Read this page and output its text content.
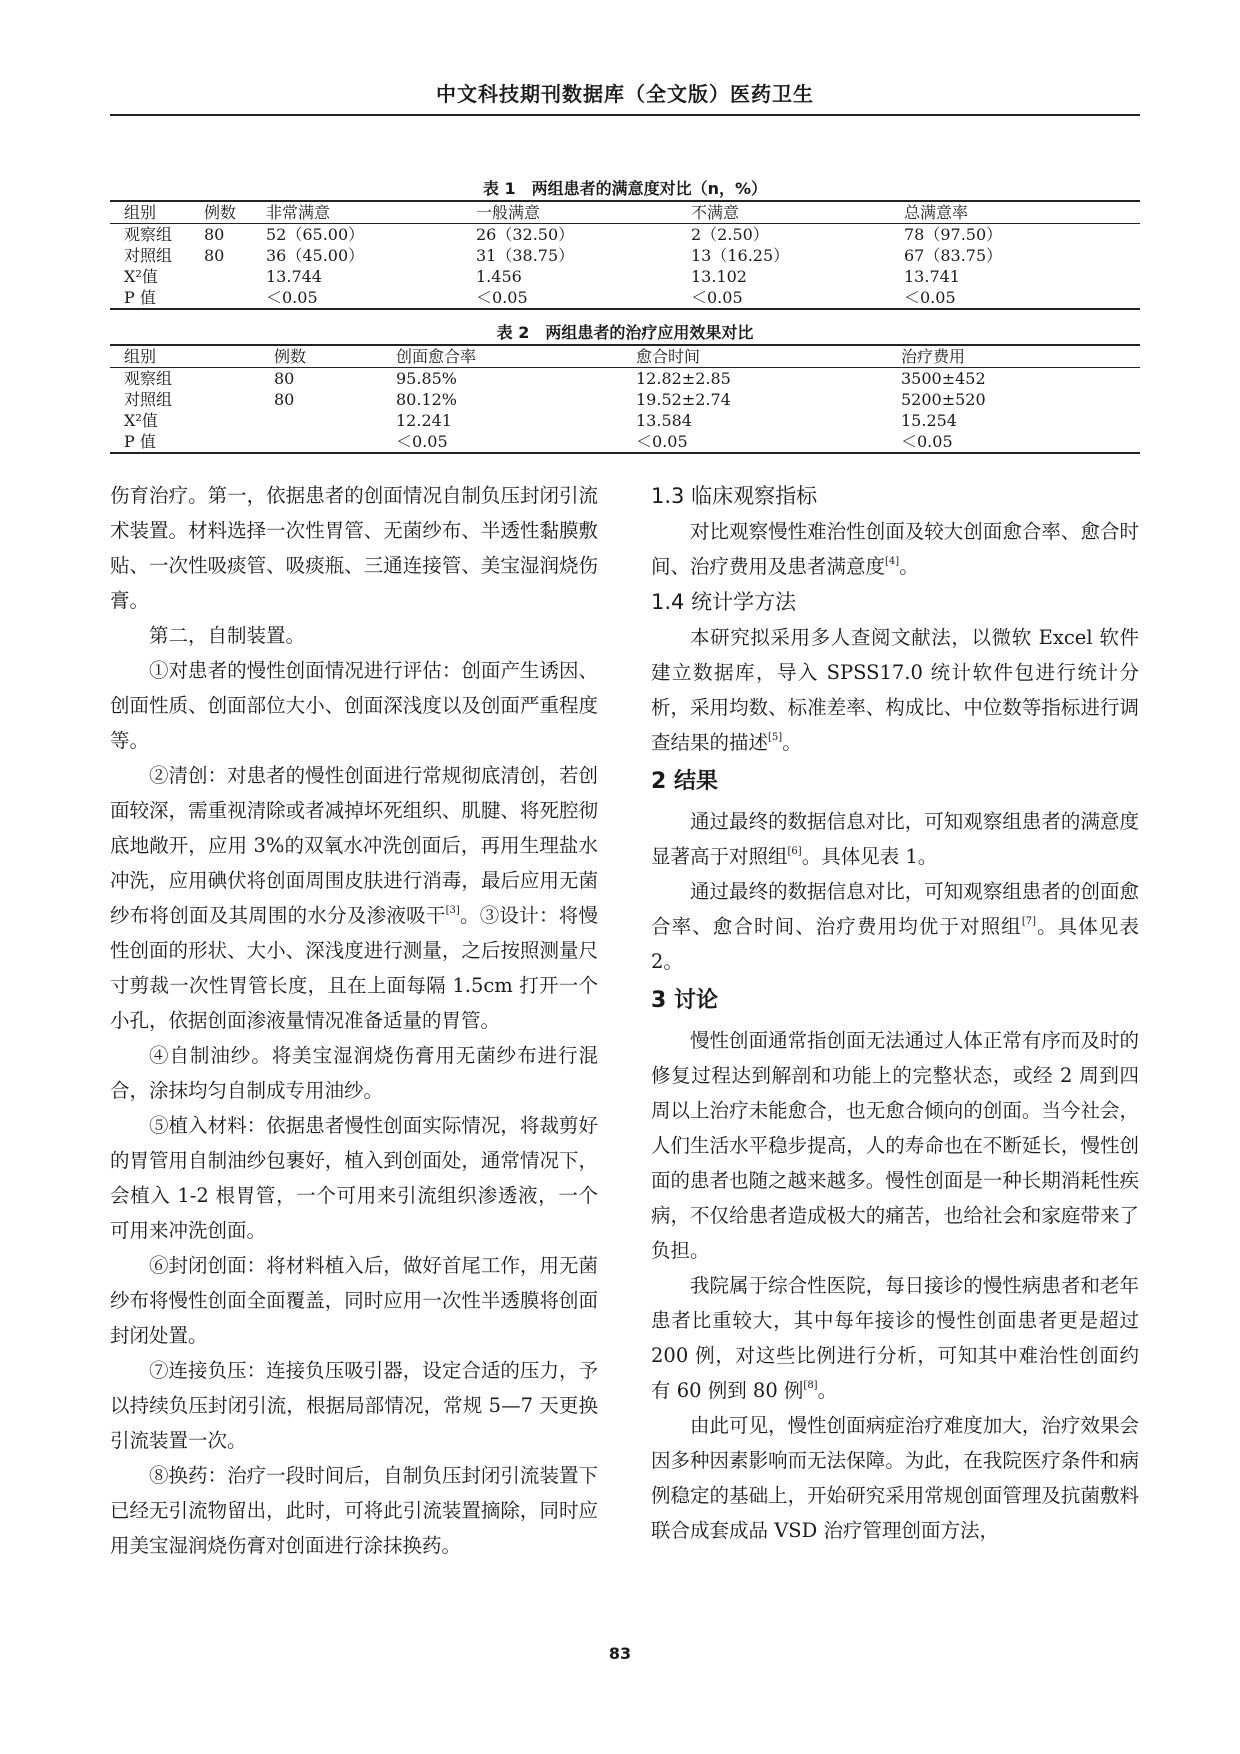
中文科技期刊数据库（全文版）医药卫生
表 1　两组患者的满意度对比（n，%）
组别	例数	非常满意	一般满意	不满意	总满意率
观察组	80	52（65.00）	26（32.50）	2（2.50）	78（97.50）
对照组	80	36（45.00）	31（38.75）	13（16.25）	67（83.75）
X²值		13.744	1.456	13.102	13.741
P 值		＜0.05	＜0.05	＜0.05	＜0.05
表 2　两组患者的治疗应用效果对比
组别	例数	创面愈合率	愈合时间	治疗费用
观察组	80	95.85%	12.82±2.85	3500±452
对照组	80	80.12%	19.52±2.74	5200±520
X²值		12.241	13.584	15.254
P 值		＜0.05	＜0.05	＜0.05

伤育治疗。第一，依据患者的创面情况自制负压封闭引流术装置。材料选择一次性胃管、无菌纱布、半透性黏膜敷贴、一次性吸痰管、吸痰瓶、三通连接管、美宝湿润烧伤膏。

第二，自制装置。

①对患者的慢性创面情况进行评估：创面产生诱因、创面性质、创面部位大小、创面深浅度以及创面严重程度等。

②清创：对患者的慢性创面进行常规彻底清创，若创面较深，需重视清除或者减掉坏死组织、肌腱、将死腔彻底地敞开，应用 3%的双氧水冲洗创面后，再用生理盐水冲洗，应用碘伏将创面周围皮肤进行消毒，最后应用无菌纱布将创面及其周围的水分及渗液吸干[3]。③设计：将慢性创面的形状、大小、深浅度进行测量，之后按照测量尺寸剪裁一次性胃管长度，且在上面每隔 1.5cm 打开一个小孔，依据创面渗液量情况准备适量的胃管。

④自制油纱。将美宝湿润烧伤膏用无菌纱布进行混合，涂抹均匀自制成专用油纱。

⑤植入材料：依据患者慢性创面实际情况，将裁剪好的胃管用自制油纱包裹好，植入到创面处，通常情况下，会植入 1-2 根胃管，一个可用来引流组织渗透液，一个可用来冲洗创面。

⑥封闭创面：将材料植入后，做好首尾工作，用无菌纱布将慢性创面全面覆盖，同时应用一次性半透膜将创面封闭处置。

⑦连接负压：连接负压吸引器，设定合适的压力，予以持续负压封闭引流，根据局部情况，常规 5—7 天更换引流装置一次。

⑧换药：治疗一段时间后，自制负压封闭引流装置下已经无引流物留出，此时，可将此引流装置摘除，同时应用美宝湿润烧伤膏对创面进行涂抹换药。

1.3 临床观察指标

对比观察慢性难治性创面及较大创面愈合率、愈合时间、治疗费用及患者满意度[4]。

1.4 统计学方法

本研究拟采用多人查阅文献法，以微软 Excel 软件建立数据库，导入 SPSS17.0 统计软件包进行统计分析，采用均数、标准差率、构成比、中位数等指标进行调查结果的描述[5]。

2 结果

通过最终的数据信息对比，可知观察组患者的满意度显著高于对照组[6]。具体见表 1。

通过最终的数据信息对比，可知观察组患者的创面愈合率、愈合时间、治疗费用均优于对照组[7]。具体见表 2。

3 讨论

慢性创面通常指创面无法通过人体正常有序而及时的修复过程达到解剖和功能上的完整状态，或经 2 周到四周以上治疗未能愈合，也无愈合倾向的创面。当今社会，人们生活水平稳步提高，人的寿命也在不断延长，慢性创面的患者也随之越来越多。慢性创面是一种长期消耗性疾病，不仅给患者造成极大的痛苦，也给社会和家庭带来了负担。

我院属于综合性医院，每日接诊的慢性病患者和老年患者比重较大，其中每年接诊的慢性创面患者更是超过 200 例，对这些比例进行分析，可知其中难治性创面约有 60 例到 80 例[8]。

由此可见，慢性创面病症治疗难度加大，治疗效果会因多种因素影响而无法保障。为此，在我院医疗条件和病例稳定的基础上，开始研究采用常规创面管理及抗菌敷料联合成套成品 VSD 治疗管理创面方法，

83
